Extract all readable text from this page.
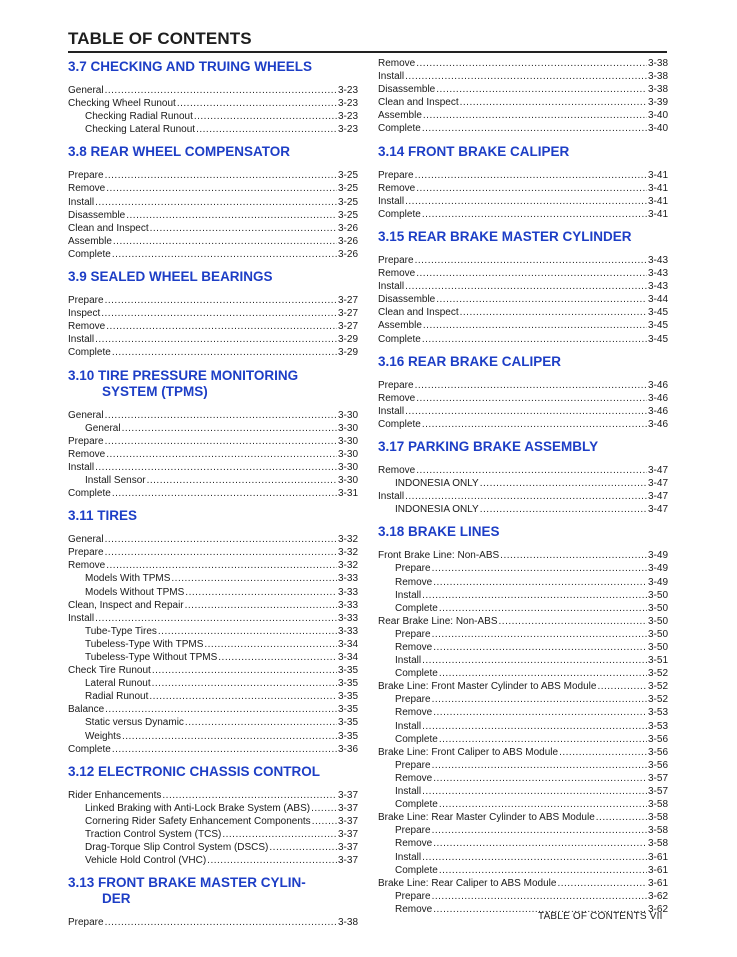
TABLE OF CONTENTS
3.7 CHECKING AND TRUING WHEELS
General .....	3-23
Checking Wheel Runout .....	3-23
Checking Radial Runout .....	3-23
Checking Lateral Runout .....	3-23
3.8 REAR WHEEL COMPENSATOR
Prepare .....	3-25
Remove .....	3-25
Install .....	3-25
Disassemble .....	3-25
Clean and Inspect .....	3-26
Assemble .....	3-26
Complete .....	3-26
3.9 SEALED WHEEL BEARINGS
Prepare .....	3-27
Inspect .....	3-27
Remove .....	3-27
Install .....	3-29
Complete .....	3-29
3.10 TIRE PRESSURE MONITORING
SYSTEM (TPMS)
General .....	3-30
General .....	3-30
Prepare .....	3-30
Remove .....	3-30
Install .....	3-30
Install Sensor .....	3-30
Complete .....	3-31
3.11 TIRES
General .....	3-32
Prepare .....	3-32
Remove .....	3-32
Models With TPMS .....	3-33
Models Without TPMS .....	3-33
Clean, Inspect and Repair .....	3-33
Install .....	3-33
Tube-Type Tires .....	3-33
Tubeless-Type With TPMS .....	3-34
Tubeless-Type Without TPMS .....	3-34
Check Tire Runout .....	3-35
Lateral Runout .....	3-35
Radial Runout .....	3-35
Balance .....	3-35
Static versus Dynamic .....	3-35
Weights .....	3-35
Complete .....	3-36
3.12 ELECTRONIC CHASSIS CONTROL
Rider Enhancements .....	3-37
Linked Braking with Anti-Lock Brake System (ABS) .....	3-37
Cornering Rider Safety Enhancement Components .....	3-37
Traction Control System (TCS) .....	3-37
Drag-Torque Slip Control System (DSCS) .....	3-37
Vehicle Hold Control (VHC) .....	3-37
3.13 FRONT BRAKE MASTER CYLIN-
DER
Prepare .....	3-38
Remove .....	3-38
Install .....	3-38
Disassemble .....	3-38
Clean and Inspect .....	3-39
Assemble .....	3-40
Complete .....	3-40
3.14 FRONT BRAKE CALIPER
Prepare .....	3-41
Remove .....	3-41
Install .....	3-41
Complete .....	3-41
3.15 REAR BRAKE MASTER CYLINDER
Prepare .....	3-43
Remove .....	3-43
Install .....	3-43
Disassemble .....	3-44
Clean and Inspect .....	3-45
Assemble .....	3-45
Complete .....	3-45
3.16 REAR BRAKE CALIPER
Prepare .....	3-46
Remove .....	3-46
Install .....	3-46
Complete .....	3-46
3.17 PARKING BRAKE ASSEMBLY
Remove .....	3-47
INDONESIA ONLY .....	3-47
Install .....	3-47
INDONESIA ONLY .....	3-47
3.18 BRAKE LINES
Front Brake Line: Non-ABS .....	3-49
Prepare .....	3-49
Remove .....	3-49
Install .....	3-50
Complete .....	3-50
Rear Brake Line: Non-ABS .....	3-50
Prepare .....	3-50
Remove .....	3-50
Install .....	3-51
Complete .....	3-52
Brake Line: Front Master Cylinder to ABS Module .....	3-52
Prepare .....	3-52
Remove .....	3-53
Install .....	3-53
Complete .....	3-56
Brake Line: Front Caliper to ABS Module .....	3-56
Prepare .....	3-56
Remove .....	3-57
Install .....	3-57
Complete .....	3-58
Brake Line: Rear Master Cylinder to ABS Module .....	3-58
Prepare .....	3-58
Remove .....	3-58
Install .....	3-61
Complete .....	3-61
Brake Line: Rear Caliper to ABS Module .....	3-61
Prepare .....	3-62
Remove .....	3-62
TABLE OF CONTENTS VII
